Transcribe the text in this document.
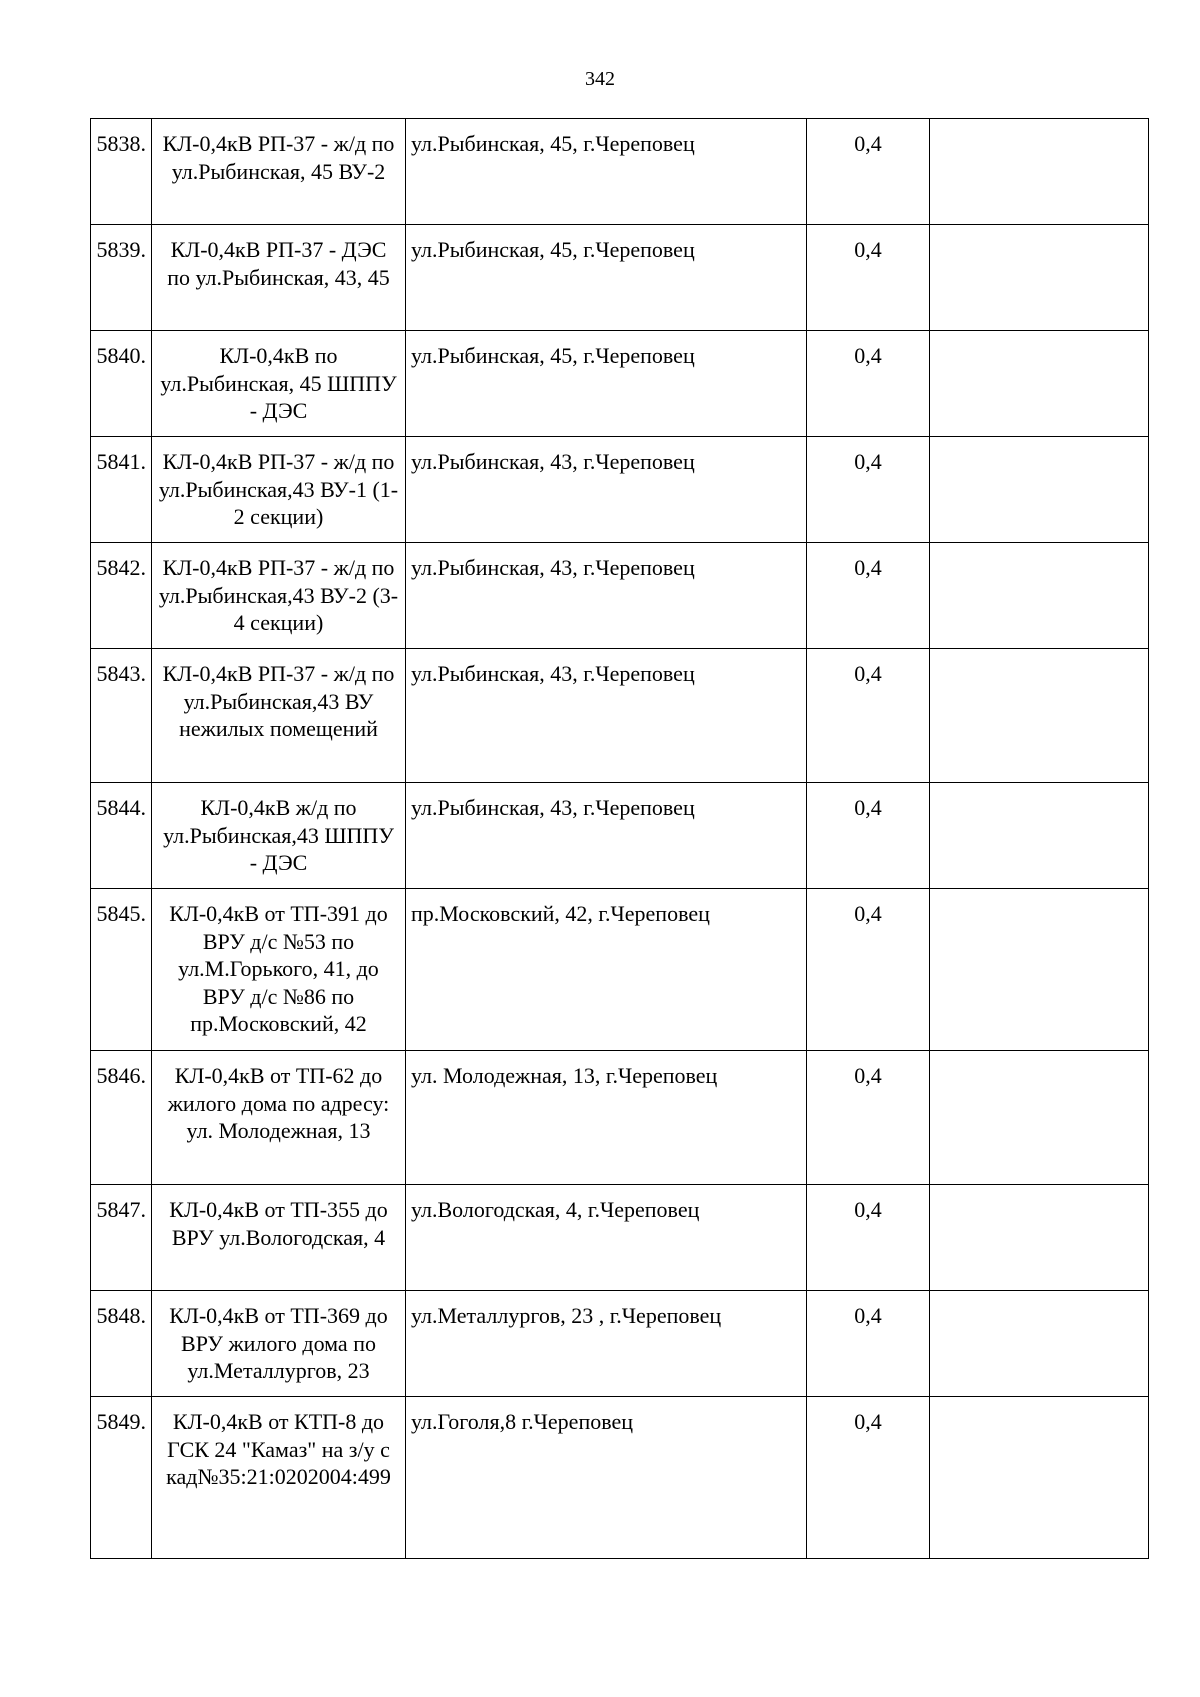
342
5838.	КЛ-0,4кВ РП-37 - ж/д по ул.Рыбинская, 45 ВУ-2	ул.Рыбинская, 45, г.Череповец	0,4	
5839.	КЛ-0,4кВ РП-37 - ДЭС по ул.Рыбинская, 43, 45	ул.Рыбинская, 45, г.Череповец	0,4	
5840.	КЛ-0,4кВ по ул.Рыбинская, 45 ШППУ - ДЭС	ул.Рыбинская, 45, г.Череповец	0,4	
5841.	КЛ-0,4кВ РП-37 - ж/д по ул.Рыбинская,43 ВУ-1 (1-2 секции)	ул.Рыбинская, 43, г.Череповец	0,4	
5842.	КЛ-0,4кВ РП-37 - ж/д по ул.Рыбинская,43 ВУ-2 (3-4 секции)	ул.Рыбинская, 43, г.Череповец	0,4	
5843.	КЛ-0,4кВ РП-37 - ж/д по ул.Рыбинская,43 ВУ нежилых помещений	ул.Рыбинская, 43, г.Череповец	0,4	
5844.	КЛ-0,4кВ ж/д по ул.Рыбинская,43 ШППУ - ДЭС	ул.Рыбинская, 43, г.Череповец	0,4	
5845.	КЛ-0,4кВ от ТП-391 до ВРУ д/с №53 по ул.М.Горького, 41, до ВРУ д/с №86 по пр.Московский, 42	пр.Московский, 42, г.Череповец	0,4	
5846.	КЛ-0,4кВ от ТП-62 до жилого дома по адресу: ул. Молодежная, 13	ул. Молодежная, 13, г.Череповец	0,4	
5847.	КЛ-0,4кВ от ТП-355 до ВРУ ул.Вологодская, 4	ул.Вологодская, 4, г.Череповец	0,4	
5848.	КЛ-0,4кВ от ТП-369 до ВРУ жилого дома по ул.Металлургов, 23	ул.Металлургов, 23 , г.Череповец	0,4	
5849.	КЛ-0,4кВ от КТП-8 до ГСК 24 "Камаз" на з/у с кад№35:21:0202004:499	ул.Гоголя,8 г.Череповец	0,4	
